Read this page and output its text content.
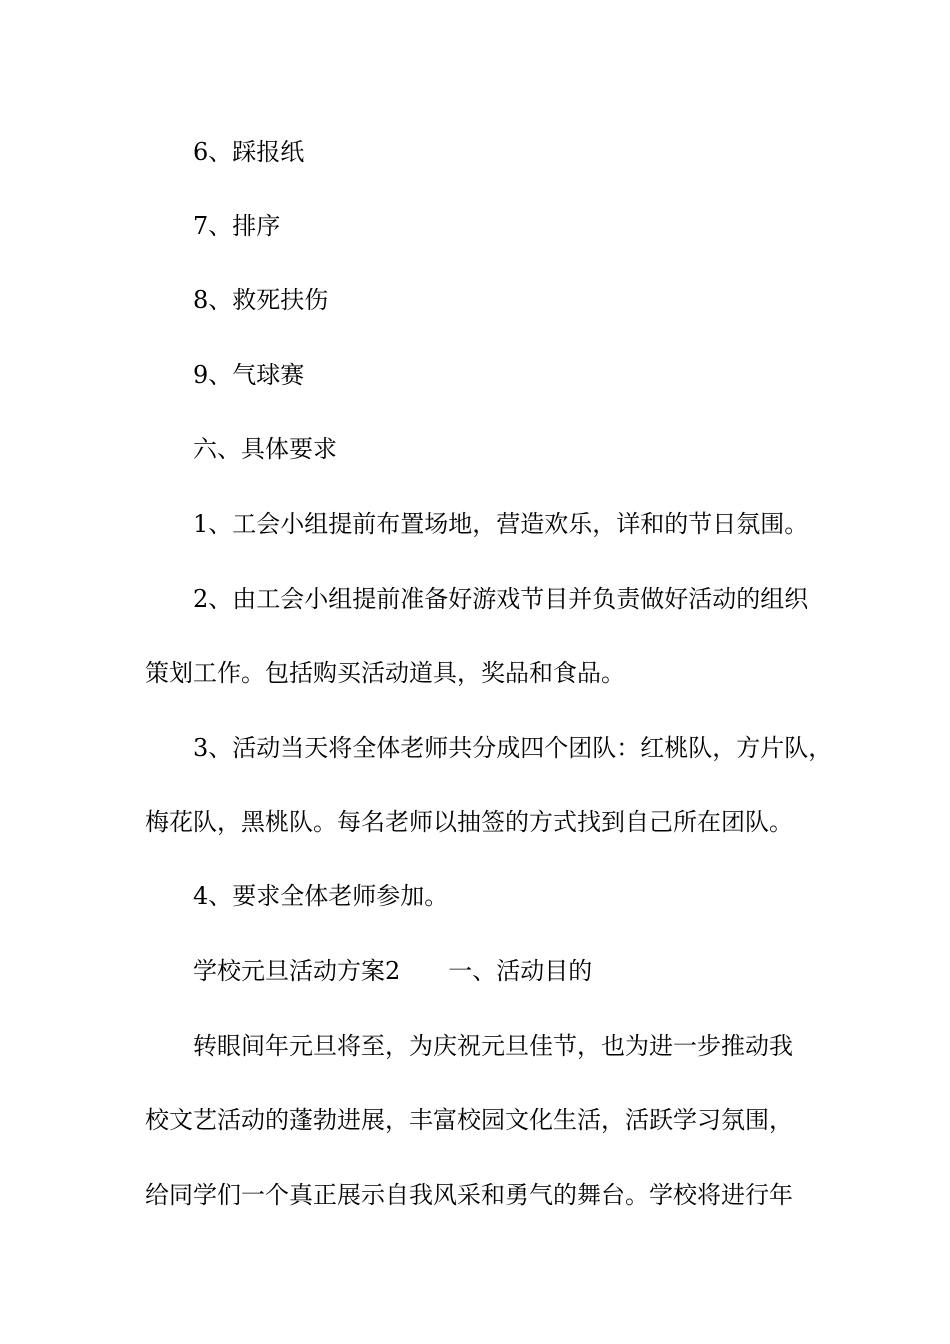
6、踩报纸
7、排序
8、救死扶伤
9、气球赛
六、具体要求
1、工会小组提前布置场地，营造欢乐，详和的节日氛围。
2、由工会小组提前准备好游戏节目并负责做好活动的组织
策划工作。包括购买活动道具，奖品和食品。
3、活动当天将全体老师共分成四个团队：红桃队，方片队，
梅花队，黑桃队。每名老师以抽签的方式找到自己所在团队。
4、要求全体老师参加。
学校元旦活动方案2 一、活动目的
转眼间年元旦将至，为庆祝元旦佳节，也为进一步推动我
校文艺活动的蓬勃进展，丰富校园文化生活，活跃学习氛围，
给同学们一个真正展示自我风采和勇气的舞台。学校将进行年
